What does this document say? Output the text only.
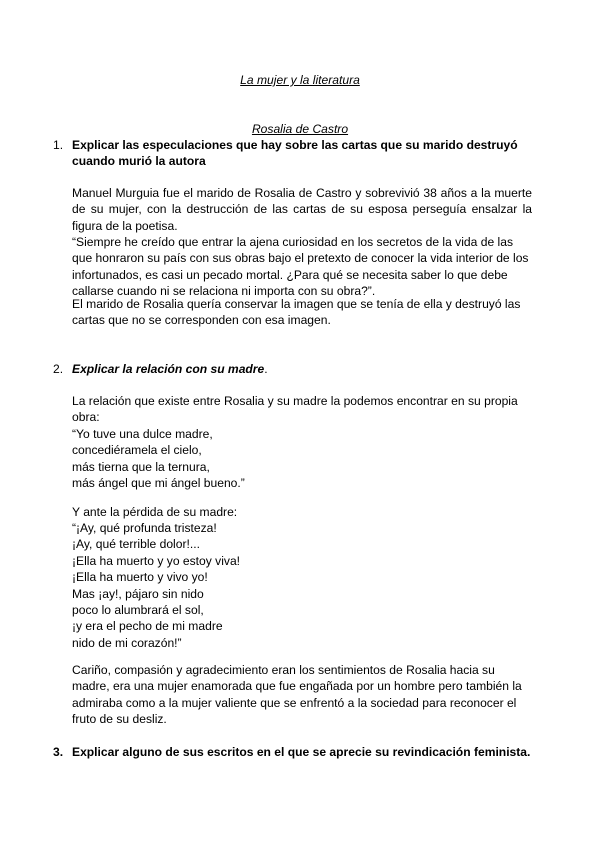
La mujer y la literatura
Rosalia de Castro
1. Explicar las especulaciones que hay sobre las cartas que su marido destruyó cuando murió la autora
Manuel Murguia fue el marido de Rosalia de Castro y sobrevivió 38 años a la muerte de su mujer, con la destrucción de las cartas de su esposa perseguía ensalzar la figura de la poetisa.
“Siempre he creído que entrar la ajena curiosidad en los secretos de la vida de las que honraron su país con sus obras bajo el pretexto de conocer la vida interior de los infortunados, es casi un pecado mortal. ¿Para qué se necesita saber lo que debe callarse cuando ni se relaciona ni importa con su obra?”.
El marido de Rosalia quería conservar la imagen que se tenía de ella y destruyó las cartas que no se corresponden con esa imagen.
2. Explicar la relación con su madre.
La relación que existe entre Rosalia y su madre la podemos encontrar en su propia obra:
“Yo tuve una dulce madre,
concediéramela el cielo,
más tierna que la ternura,
más ángel que mi ángel bueno.”
Y ante la pérdida de su madre:
“¡Ay, qué profunda tristeza!
¡Ay, qué terrible dolor!...
¡Ella ha muerto y yo estoy viva!
¡Ella ha muerto y vivo yo!
Mas ¡ay!, pájaro sin nido
poco lo alumbrará el sol,
¡y era el pecho de mi madre
nido de mi corazón!”
Cariño, compasión y agradecimiento eran los sentimientos de Rosalia hacia su madre, era una mujer enamorada que fue engañada por un hombre pero también la admiraba como a la mujer valiente que se enfrentó a la sociedad para reconocer el fruto de su desliz.
3. Explicar alguno de sus escritos en el que se aprecie su revindicación feminista.
